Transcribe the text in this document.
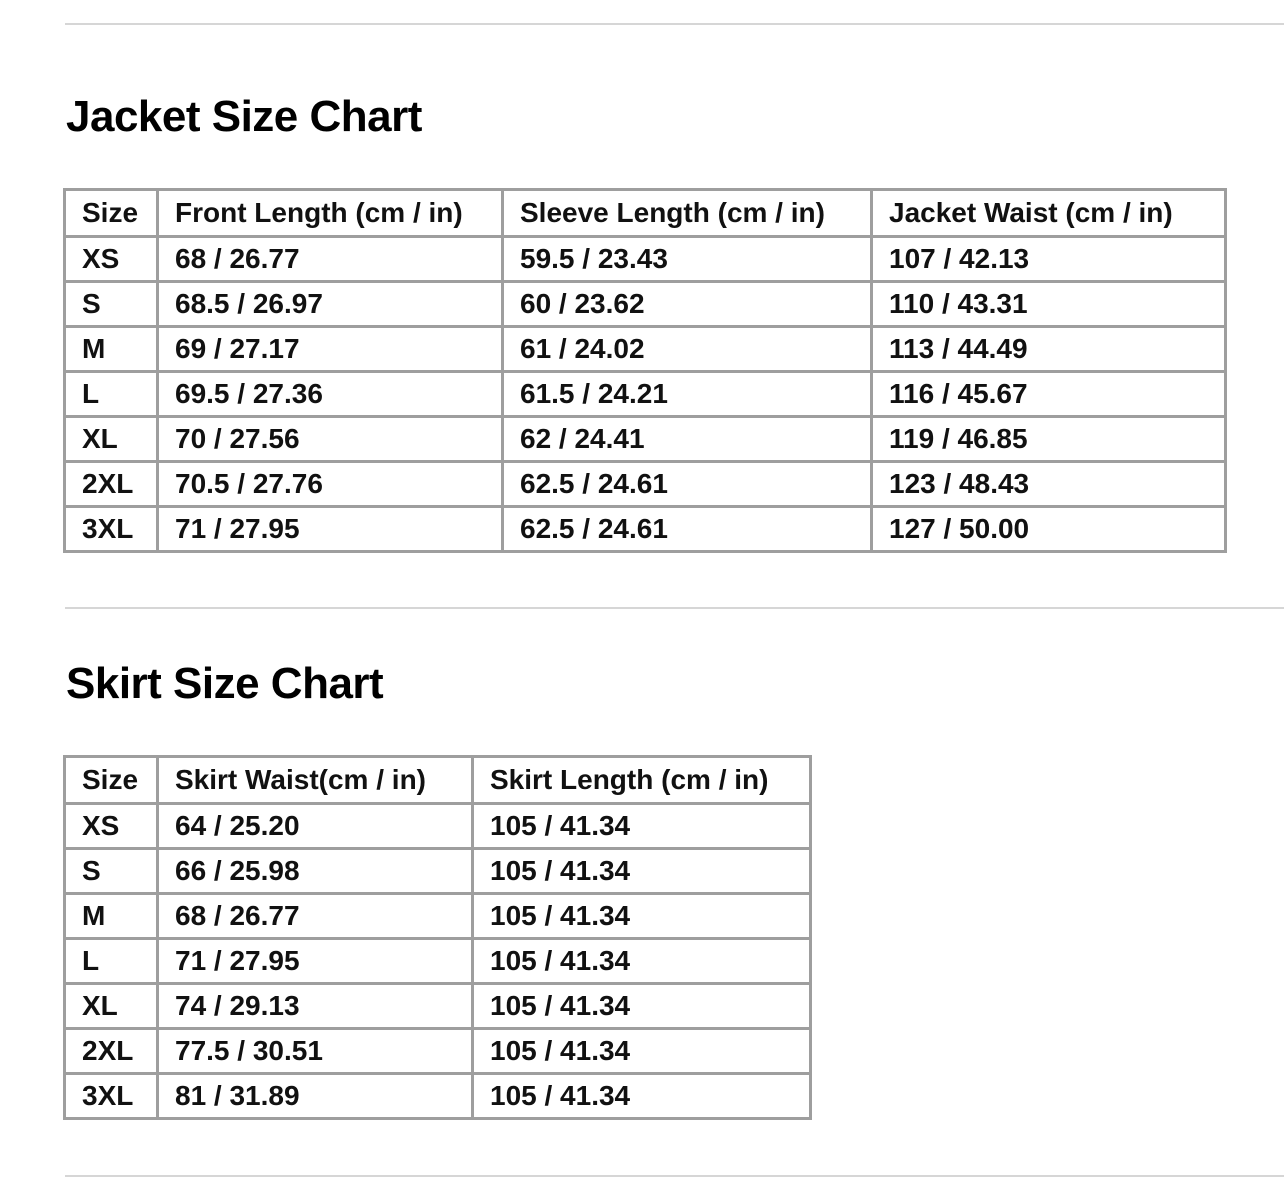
Jacket Size Chart
Size	Front Length (cm / in)	Sleeve Length (cm / in)	Jacket Waist (cm / in)
XS	68 / 26.77	59.5 / 23.43	107 / 42.13
S	68.5 / 26.97	60 / 23.62	110 / 43.31
M	69 / 27.17	61 / 24.02	113 / 44.49
L	69.5 / 27.36	61.5 / 24.21	116 / 45.67
XL	70 / 27.56	62 / 24.41	119 / 46.85
2XL	70.5 / 27.76	62.5 / 24.61	123 / 48.43
3XL	71 / 27.95	62.5 / 24.61	127 / 50.00
Skirt Size Chart
Size	Skirt Waist(cm / in)	Skirt Length (cm / in)
XS	64 / 25.20	105 / 41.34
S	66 / 25.98	105 / 41.34
M	68 / 26.77	105 / 41.34
L	71 / 27.95	105 / 41.34
XL	74 / 29.13	105 / 41.34
2XL	77.5 / 30.51	105 / 41.34
3XL	81 / 31.89	105 / 41.34
